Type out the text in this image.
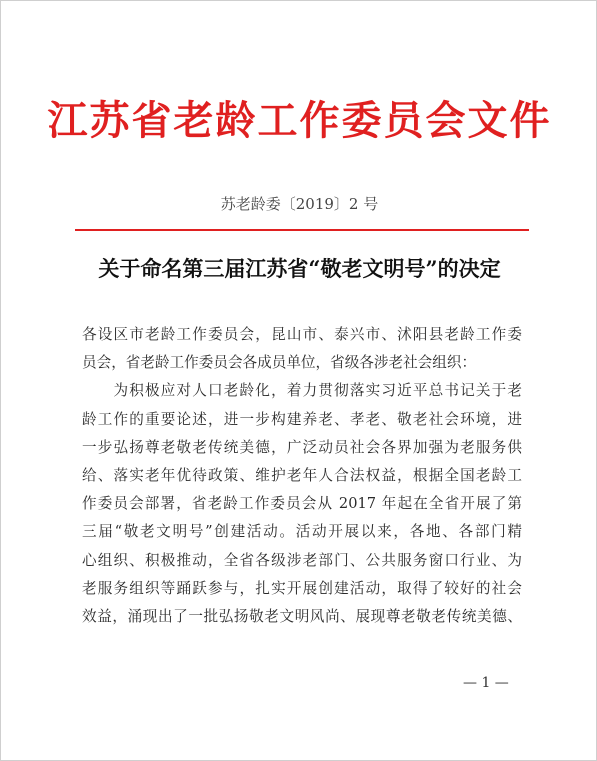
江苏省老龄工作委员会文件
苏老龄委〔2019〕2 号
关于命名第三届江苏省“敬老文明号”的决定
各设区市老龄工作委员会，昆山市、泰兴市、沭阳县老龄工作委
员会，省老龄工作委员会各成员单位，省级各涉老社会组织：
　　为积极应对人口老龄化，着力贯彻落实习近平总书记关于老
龄工作的重要论述，进一步构建养老、孝老、敬老社会环境，进
一步弘扬尊老敬老传统美德，广泛动员社会各界加强为老服务供
给、落实老年优待政策、维护老年人合法权益，根据全国老龄工
作委员会部署，省老龄工作委员会从 2017 年起在全省开展了第
三届“敬老文明号”创建活动。活动开展以来，各地、各部门精
心组织、积极推动，全省各级涉老部门、公共服务窗口行业、为
老服务组织等踊跃参与，扎实开展创建活动，取得了较好的社会
效益，涌现出了一批弘扬敬老文明风尚、展现尊老敬老传统美德、
— 1 —
